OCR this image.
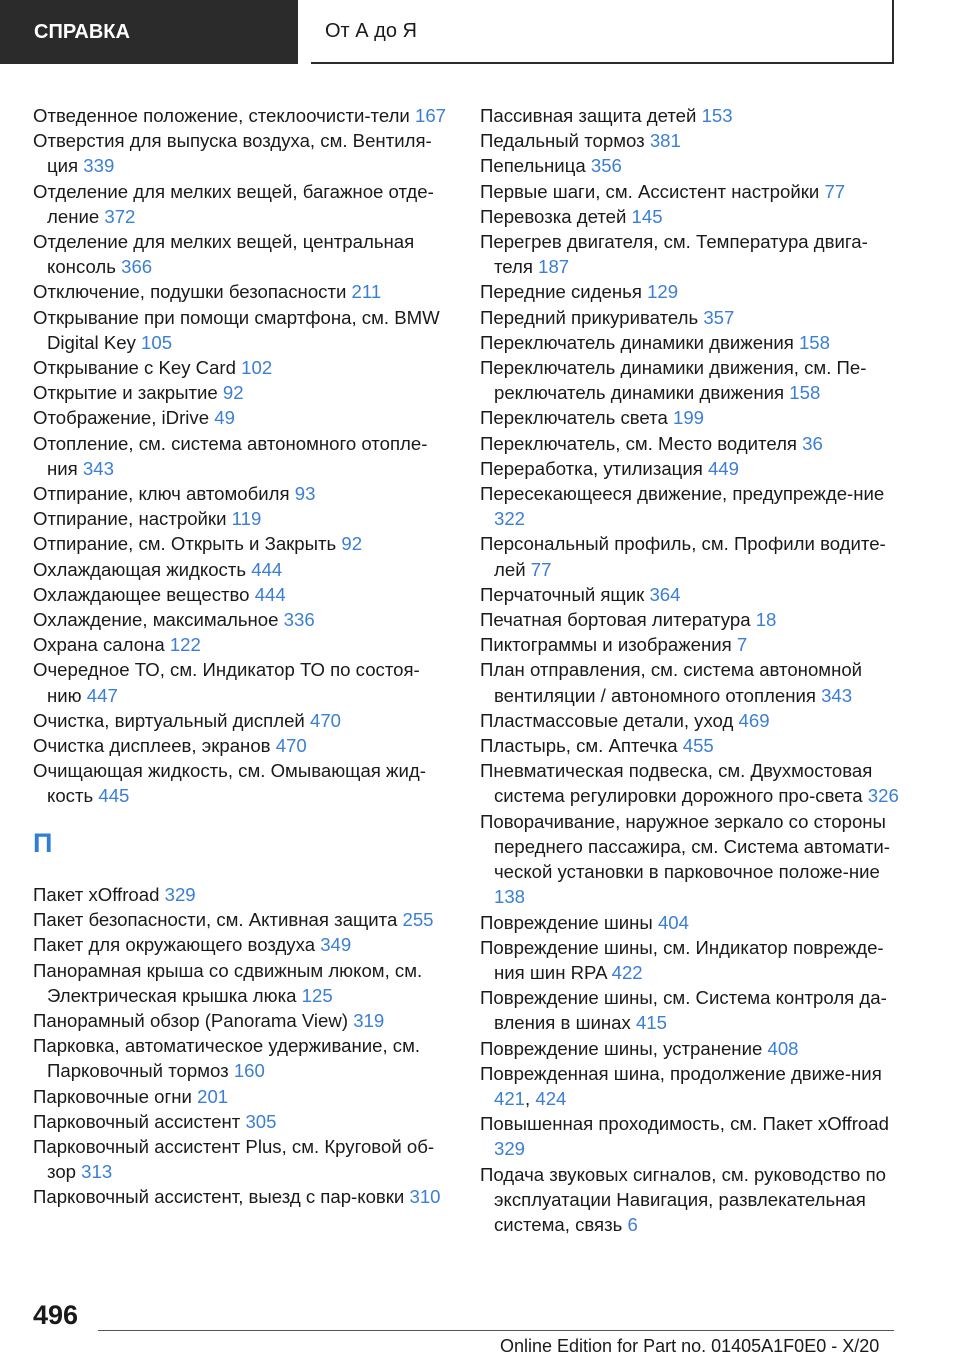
СПРАВКА	От А до Я

Отведенное положение, стеклоочисти-тели 167

Отверстия для выпуска воздуха, см. Вентиля-ция 339

Отделение для мелких вещей, багажное отде-ление 372

Отделение для мелких вещей, центральная консоль 366

Отключение, подушки безопасности 211

Открывание при помощи смартфона, см. BMW Digital Key 105

Открывание с Key Card 102

Открытие и закрытие 92

Отображение, iDrive 49

Отопление, см. система автономного отопле-ния 343

Отпирание, ключ автомобиля 93

Отпирание, настройки 119

Отпирание, см. Открыть и Закрыть 92

Охлаждающая жидкость 444

Охлаждающее вещество 444

Охлаждение, максимальное 336

Охрана салона 122

Очередное ТО, см. Индикатор ТО по состоя-нию 447

Очистка, виртуальный дисплей 470

Очистка дисплеев, экранов 470

Очищающая жидкость, см. Омывающая жид-кость 445

П

Пакет xOffroad 329

Пакет безопасности, см. Активная защита 255

Пакет для окружающего воздуха 349

Панорамная крыша со сдвижным люком, см. Электрическая крышка люка 125

Панорамный обзор (Panorama View) 319

Парковка, автоматическое удерживание, см. Парковочный тормоз 160

Парковочные огни 201

Парковочный ассистент 305

Парковочный ассистент Plus, см. Круговой об-зор 313

Парковочный ассистент, выезд с пар-ковки 310

Пассивная защита детей 153

Педальный тормоз 381

Пепельница 356

Первые шаги, см. Ассистент настройки 77

Перевозка детей 145

Перегрев двигателя, см. Температура двига-теля 187

Передние сиденья 129

Передний прикуриватель 357

Переключатель динамики движения 158

Переключатель динамики движения, см. Пе-реключатель динамики движения 158

Переключатель света 199

Переключатель, см. Место водителя 36

Переработка, утилизация 449

Пересекающееся движение, предупрежде-ние 322

Персональный профиль, см. Профили водите-лей 77

Перчаточный ящик 364

Печатная бортовая литература 18

Пиктограммы и изображения 7

План отправления, см. система автономной вентиляции / автономного отопления 343

Пластмассовые детали, уход 469

Пластырь, см. Аптечка 455

Пневматическая подвеска, см. Двухмостовая система регулировки дорожного про-света 326

Поворачивание, наружное зеркало со стороны переднего пассажира, см. Система автомати-ческой установки в парковочное положе-ние 138

Повреждение шины 404

Повреждение шины, см. Индикатор поврежде-ния шин RPA 422

Повреждение шины, см. Система контроля да-вления в шинах 415

Повреждение шины, устранение 408

Поврежденная шина, продолжение движе-ния 421, 424

Повышенная проходимость, см. Пакет xOffroad 329

Подача звуковых сигналов, см. руководство по эксплуатации Навигация, развлекательная система, связь 6

496
Online Edition for Part no. 01405A1F0E0 - X/20
